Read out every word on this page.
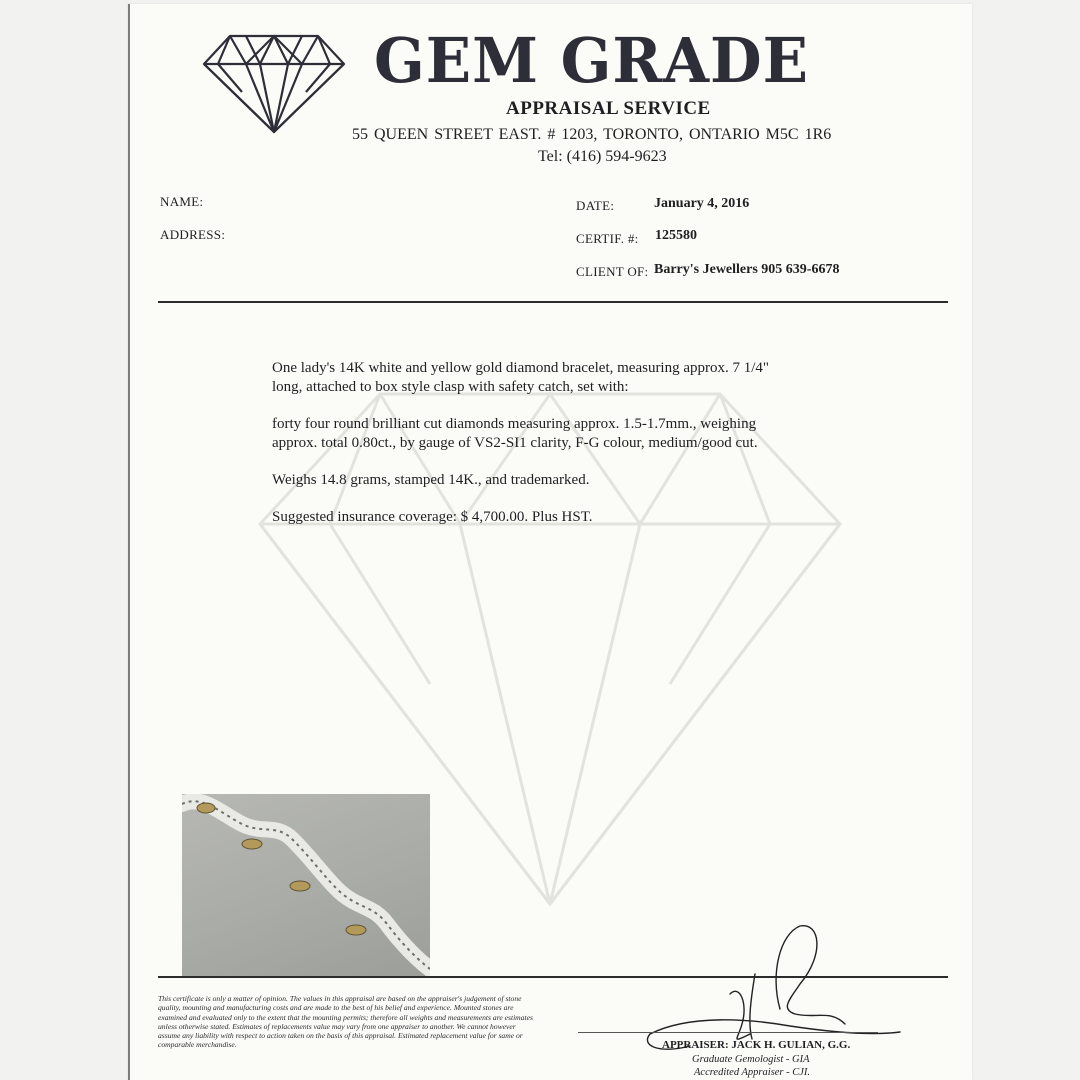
GEM GRADE
APPRAISAL SERVICE
55 QUEEN STREET EAST. # 1203, TORONTO, ONTARIO M5C 1R6
Tel: (416) 594-9623
NAME:
ADDRESS:
DATE:	January 4, 2016
CERTIF. #: 125580
CLIENT OF: Barry's Jewellers 905 639-6678

One lady's 14K white and yellow gold diamond bracelet, measuring approx. 7 1/4" long, attached to box style clasp with safety catch, set with:

forty four round brilliant cut diamonds measuring approx. 1.5-1.7mm., weighing approx. total 0.80ct., by gauge of VS2-SI1 clarity, F-G colour, medium/good cut.

Weighs 14.8 grams, stamped 14K., and trademarked.

Suggested insurance coverage: $ 4,700.00. Plus HST.

This certificate is only a matter of opinion. The values in this appraisal are based on the appraiser's judgement of stone quality, mounting and manufacturing costs and are made to the best of his belief and experience. Mounted stones are examined and evaluated only to the extent that the mounting permits; therefore all weights and measurements are estimates unless otherwise stated. Estimates of replacements value may vary from one appraiser to another. We cannot however assume any liability with respect to action taken on the basis of this appraisal. Estimated replacement value for same or comparable merchandise.	APPRAISER: JACK H. GULIAN, G.G.
Graduate Gemologist - GIA
Accredited Appraiser - CJI.
